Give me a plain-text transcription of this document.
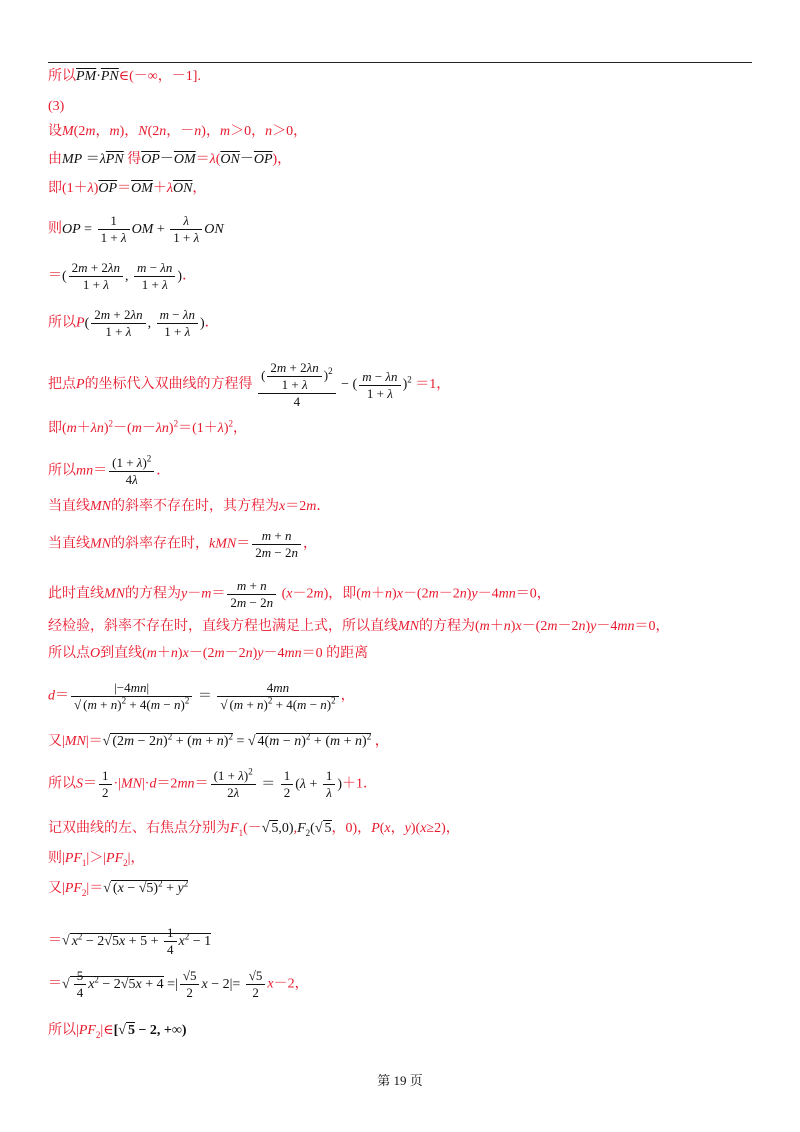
所以$\overline{PM}\cdot\overline{PN}\in(-\infty$，－1].
(3)
设M(2m，m)，N(2n，－n)，m＞0，n＞0，
由MP $=\lambda\overline{PN}$ 得$\overline{OP}-\overline{OM}=\lambda(\overline{ON}-\overline{OP})$，
即$(1+\lambda)\overline{OP}=\overline{OM}+\lambda\overline{ON}$，
则OP = $\frac{1}{1 + \lambda}$ OM + $\frac{\lambda}{1 + \lambda}$ ON
＝( $\frac{2m + 2\lambda n}{1 + \lambda}$ , $\frac{m - \lambda n}{1 + \lambda}$ )．
所以$P( \frac{2m + 2\lambda n}{1 + \lambda}$ , $\frac{m - \lambda n}{1 + \lambda}$ )．
把点P的坐标代入双曲线的方程得 $\frac{( \frac{2m + 2\lambda n}{1 + \lambda} )^2}{4}$ − ( $\frac{m - \lambda n}{1 + \lambda} )^2 =1$，
即$(m+\lambda n)^2-(m-\lambda n)^2=(1+\lambda)^2$，
所以$mn= \frac{(1 + \lambda)^2}{4\lambda}$ ．
当直线MN的斜率不存在时，其方程为x＝2m．
当直线MN的斜率存在时，$kMN= \frac{m + n}{2m - 2n}$ ，
此时直线MN的方程为$y-m= \frac{m + n}{2m - 2n} (x-2m)$，即(m＋n)x－(2m－2n)y－4mn＝0，
经检验，斜率不存在时，直线方程也满足上式，所以直线MN的方程为(m＋n)x－(2m－2n)y－4mn＝0，
所以点O到直线(m＋n)x－(2m－2n)y－4mn＝0 的距离
$d= \frac{|-4mn|}{√ (m + n)^2 + 4(m - n)^2} = \frac{4mn}{√ (m + n)^2 + 4(m - n)^2}$ ，
又|MN|＝√ $(2m - 2n)^2 + (m + n)^2$ = √ $4(m - n)^2 + (m + n)^2$ ，
所以$S= \frac{1}{2} \cdot|MN|\cdot d=2mn= \frac{(1 + \lambda)^2}{2\lambda} = \frac{1}{2} (\lambda + \frac{1}{\lambda} )+1$．
记双曲线的左、右焦点分别为$F_1(-√$ $5,0),F_2(√$ 5，0)，P(x，y)(x≥2)，
则$|PF_1|>|PF_2|$，
又$|PF_2|=√$ $(x - √5)^2 + y^2$
＝√ $x^2 - 2√5x + 5 + \frac{1}{4} x^2 - 1$
＝√ $\frac{5}{4} x^2 - 2√5x + 4$ =| $\frac{√5}{2}$ $x - 2|= \frac{√5}{2} x-2$，
所以$|PF_2|\in[√$ 5 − 2, +∞)
第 19 页
